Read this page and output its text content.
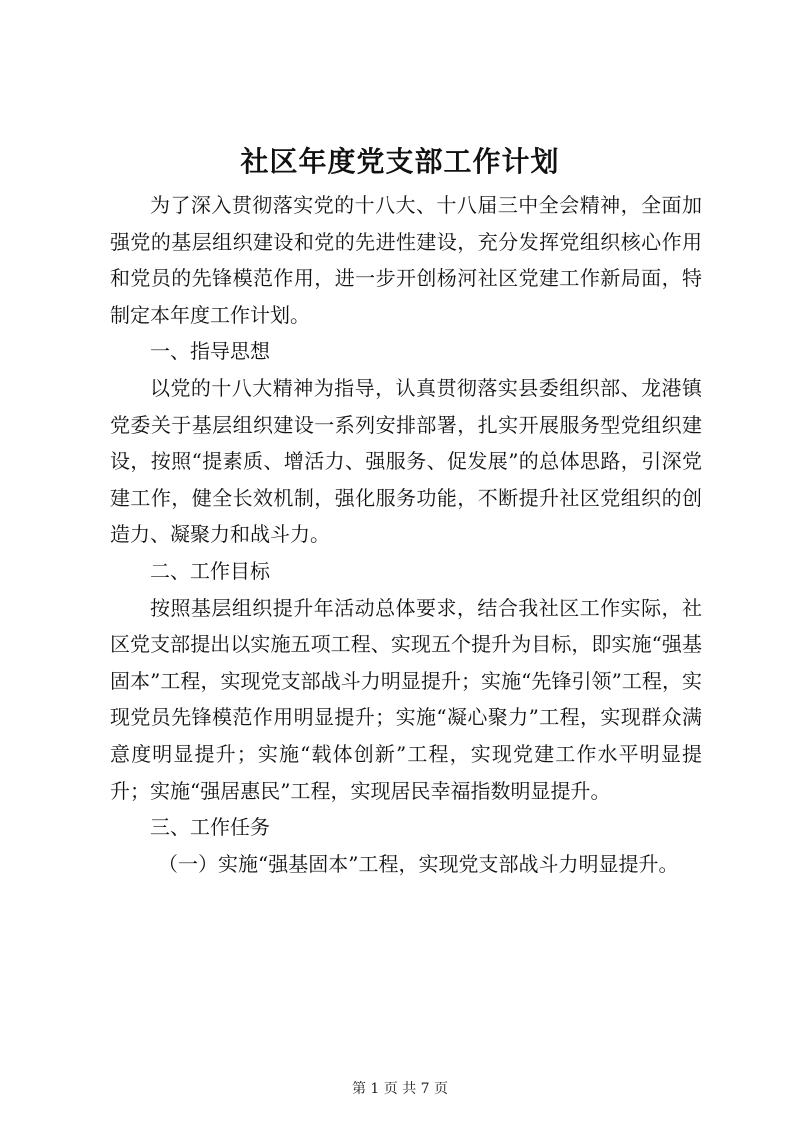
社区年度党支部工作计划

为了深入贯彻落实党的十八大、十八届三中全会精神，全面加强党的基层组织建设和党的先进性建设，充分发挥党组织核心作用和党员的先锋模范作用，进一步开创杨河社区党建工作新局面，特制定本年度工作计划。

一、指导思想

以党的十八大精神为指导，认真贯彻落实县委组织部、龙港镇党委关于基层组织建设一系列安排部署，扎实开展服务型党组织建设，按照“提素质、增活力、强服务、促发展”的总体思路，引深党建工作，健全长效机制，强化服务功能，不断提升社区党组织的创造力、凝聚力和战斗力。

二、工作目标

按照基层组织提升年活动总体要求，结合我社区工作实际，社区党支部提出以实施五项工程、实现五个提升为目标，即实施“强基固本”工程，实现党支部战斗力明显提升；实施“先锋引领”工程，实现党员先锋模范作用明显提升；实施“凝心聚力”工程，实现群众满意度明显提升；实施“载体创新”工程，实现党建工作水平明显提升；实施“强居惠民”工程，实现居民幸福指数明显提升。

三、工作任务

（一）实施“强基固本”工程，实现党支部战斗力明显提升。

第 1 页 共 7 页
